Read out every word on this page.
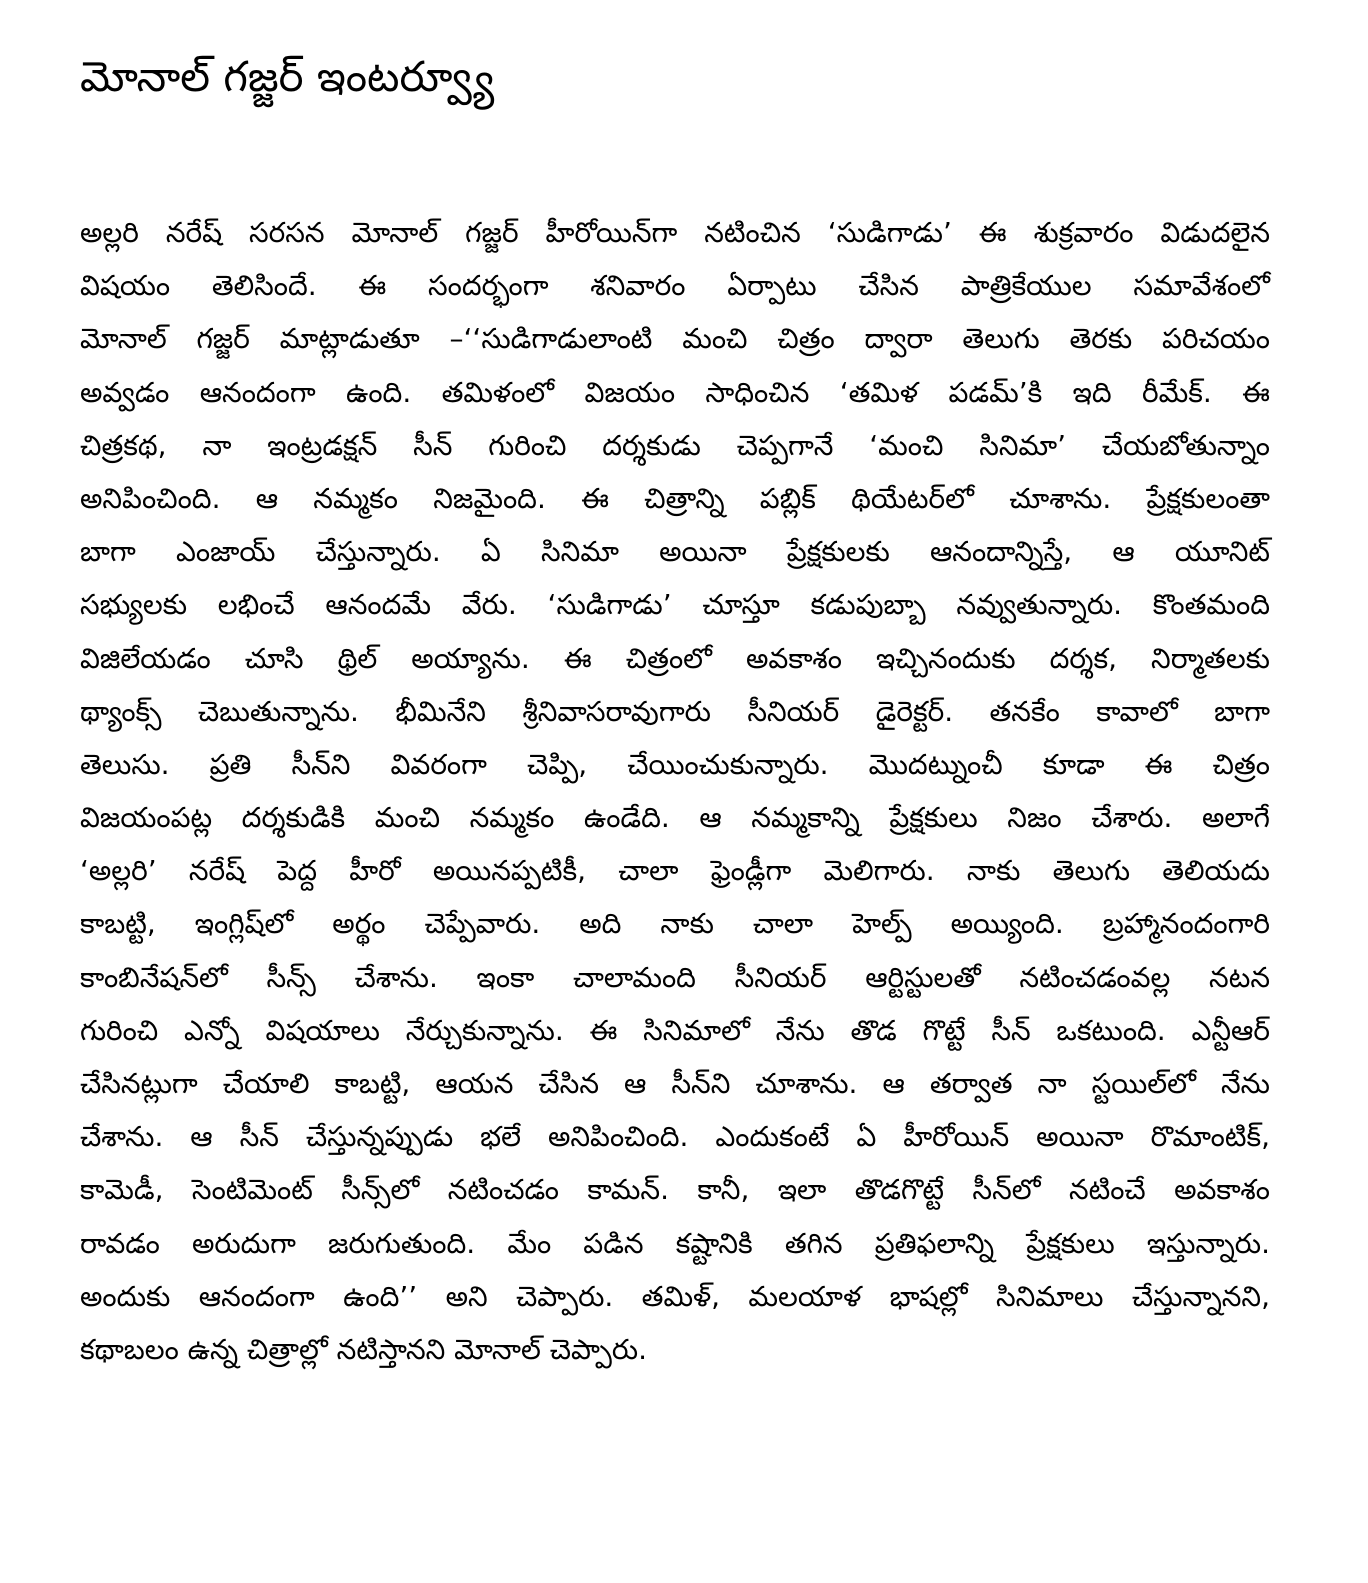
మోనాల్ గజ్జర్ ఇంటర్వ్యూ
అల్లరి నరేష్ సరసన మోనాల్ గజ్జర్ హీరోయిన్‌గా నటించిన ‘సుడిగాడు’ ఈ శుక్రవారం విడుదలైన
విషయం తెలిసిందే. ఈ సందర్భంగా శనివారం ఏర్పాటు చేసిన పాత్రికేయుల సమావేశంలో
మోనాల్ గజ్జర్ మాట్లాడుతూ –‘‘సుడిగాడులాంటి మంచి చిత్రం ద్వారా తెలుగు తెరకు పరిచయం
అవ్వడం ఆనందంగా ఉంది. తమిళంలో విజయం సాధించిన ‘తమిళ పడమ్’కి ఇది రీమేక్. ఈ
చిత్రకథ, నా ఇంట్రడక్షన్ సీన్ గురించి దర్శకుడు చెప్పగానే ‘మంచి సినిమా’ చేయబోతున్నాం
అనిపించింది. ఆ నమ్మకం నిజమైంది. ఈ చిత్రాన్ని పబ్లిక్ థియేటర్‌లో చూశాను. ప్రేక్షకులంతా
బాగా ఎంజాయ్ చేస్తున్నారు. ఏ సినిమా అయినా ప్రేక్షకులకు ఆనందాన్నిస్తే, ఆ యూనిట్
సభ్యులకు లభించే ఆనందమే వేరు. ‘సుడిగాడు’ చూస్తూ కడుపుబ్బా నవ్వుతున్నారు. కొంతమంది
విజిలేయడం చూసి థ్రిల్ అయ్యాను. ఈ చిత్రంలో అవకాశం ఇచ్చినందుకు దర్శక, నిర్మాతలకు
థ్యాంక్స్ చెబుతున్నాను. భీమినేని శ్రీనివాసరావుగారు సీనియర్ డైరెక్టర్. తనకేం కావాలో బాగా
తెలుసు. ప్రతి సీన్‌ని వివరంగా చెప్పి, చేయించుకున్నారు. మొదట్నుంచీ కూడా ఈ చిత్రం
విజయంపట్ల దర్శకుడికి మంచి నమ్మకం ఉండేది. ఆ నమ్మకాన్ని ప్రేక్షకులు నిజం చేశారు. అలాగే
‘అల్లరి’ నరేష్ పెద్ద హీరో అయినప్పటికీ, చాలా ఫ్రెండ్లీగా మెలిగారు. నాకు తెలుగు తెలియదు
కాబట్టి, ఇంగ్లిష్‌లో అర్థం చెప్పేవారు. అది నాకు చాలా హెల్ప్ అయ్యింది. బ్రహ్మానందంగారి
కాంబినేషన్‌లో సీన్స్ చేశాను. ఇంకా చాలామంది సీనియర్ ఆర్టిస్టులతో నటించడంవల్ల నటన
గురించి ఎన్నో విషయాలు నేర్చుకున్నాను. ఈ సినిమాలో నేను తొడ గొట్టే సీన్ ఒకటుంది. ఎన్టీఆర్
చేసినట్లుగా చేయాలి కాబట్టి, ఆయన చేసిన ఆ సీన్‌ని చూశాను. ఆ తర్వాత నా స్టయిల్‌లో నేను
చేశాను. ఆ సీన్ చేస్తున్నప్పుడు భలే అనిపించింది. ఎందుకంటే ఏ హీరోయిన్ అయినా రొమాంటిక్,
కామెడీ, సెంటిమెంట్ సీన్స్‌లో నటించడం కామన్. కానీ, ఇలా తొడగొట్టే సీన్‌లో నటించే అవకాశం
రావడం అరుదుగా జరుగుతుంది. మేం పడిన కష్టానికి తగిన ప్రతిఫలాన్ని ప్రేక్షకులు ఇస్తున్నారు.
అందుకు ఆనందంగా ఉంది’’ అని చెప్పారు. తమిళ్, మలయాళ భాషల్లో సినిమాలు చేస్తున్నానని,
కథాబలం ఉన్న చిత్రాల్లో నటిస్తానని మోనాల్ చెప్పారు.
